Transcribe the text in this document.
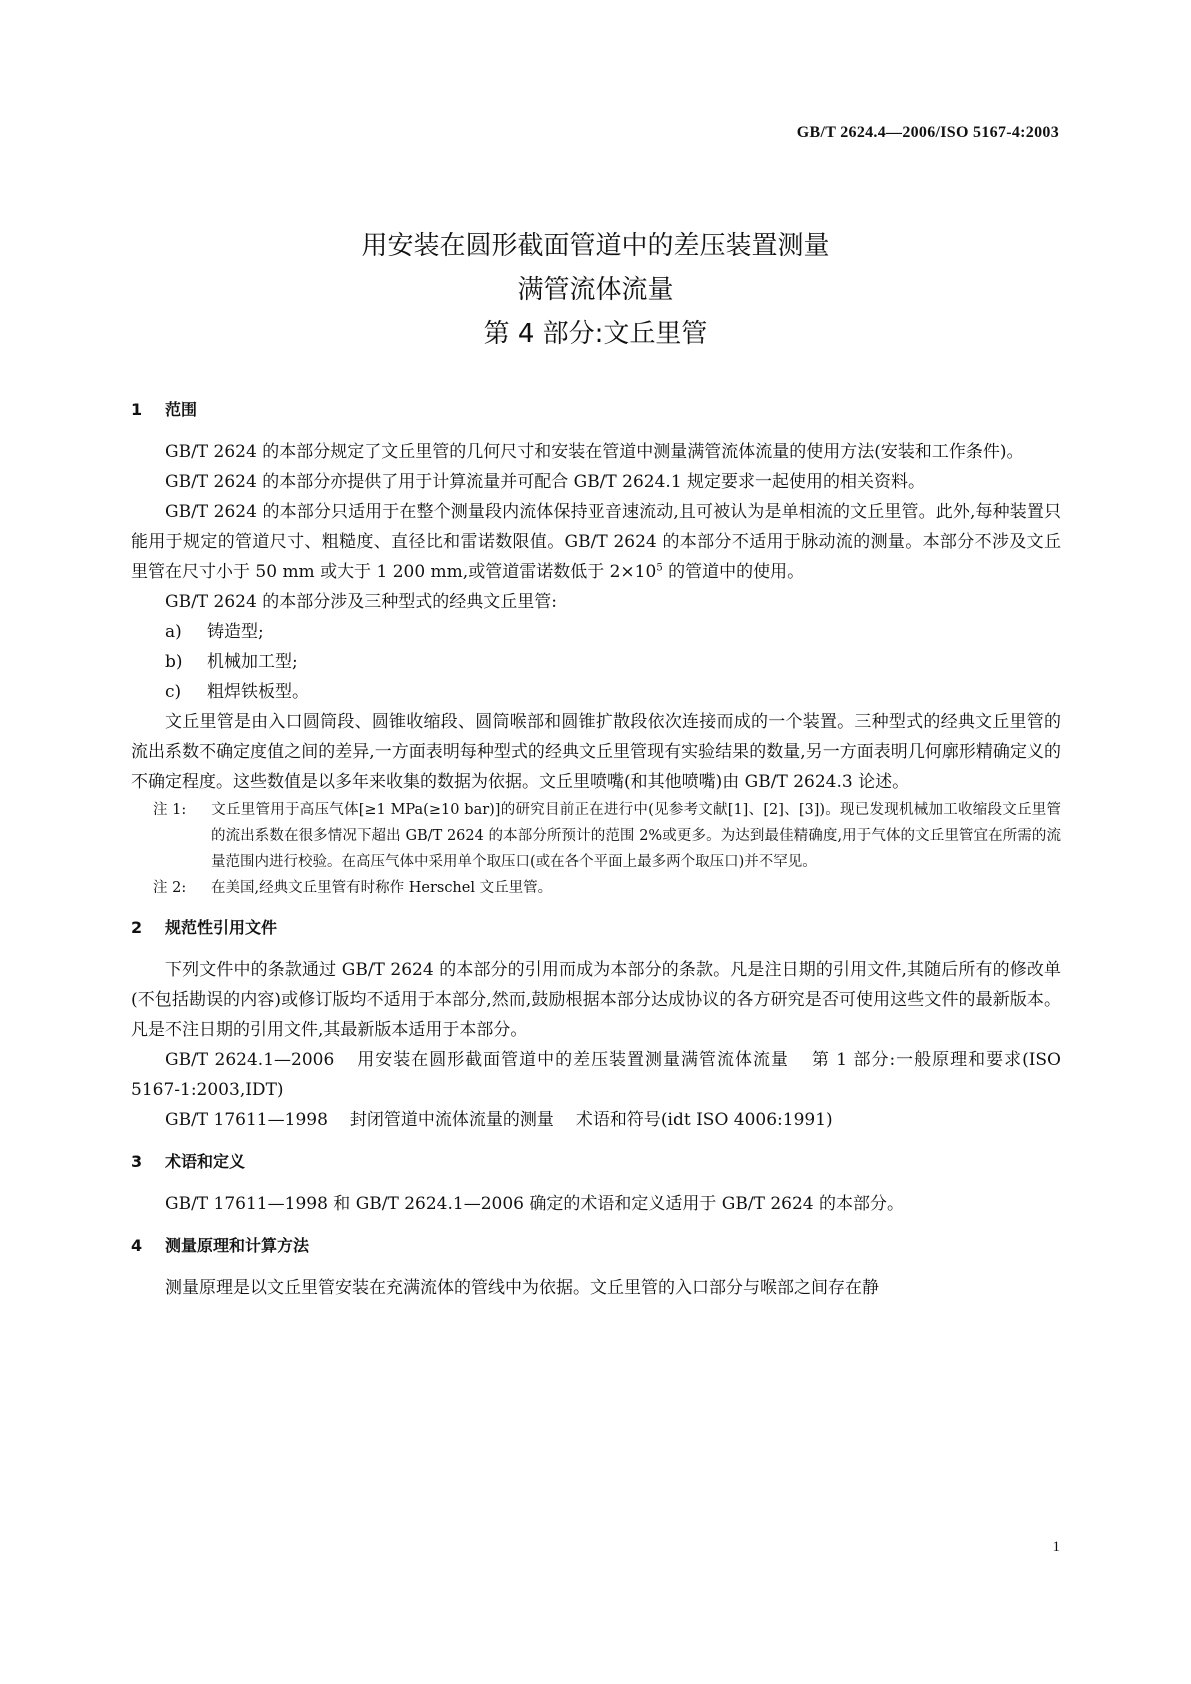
GB/T 2624.4—2006/ISO 5167-4:2003

用安装在圆形截面管道中的差压装置测量

满管流体流量

第 4 部分:文丘里管

1 范围

GB/T 2624 的本部分规定了文丘里管的几何尺寸和安装在管道中测量满管流体流量的使用方法(安装和工作条件)。

GB/T 2624 的本部分亦提供了用于计算流量并可配合 GB/T 2624.1 规定要求一起使用的相关资料。

GB/T 2624 的本部分只适用于在整个测量段内流体保持亚音速流动,且可被认为是单相流的文丘里管。此外,每种装置只能用于规定的管道尺寸、粗糙度、直径比和雷诺数限值。GB/T 2624 的本部分不适用于脉动流的测量。本部分不涉及文丘里管在尺寸小于 50 mm 或大于 1 200 mm,或管道雷诺数低于 $2\times 10^5$ 的管道中的使用。

GB/T 2624 的本部分涉及三种型式的经典文丘里管:

a) 铸造型;

b) 机械加工型;

c) 粗焊铁板型。

文丘里管是由入口圆筒段、圆锥收缩段、圆筒喉部和圆锥扩散段依次连接而成的一个装置。三种型式的经典文丘里管的流出系数不确定度值之间的差异,一方面表明每种型式的经典文丘里管现有实验结果的数量,另一方面表明几何廓形精确定义的不确定程度。这些数值是以多年来收集的数据为依据。文丘里喷嘴(和其他喷嘴)由 GB/T 2624.3 论述。

注 1: 文丘里管用于高压气体[≥1 MPa(≥10 bar)]的研究目前正在进行中(见参考文献[1]、[2]、[3])。现已发现机械加工收缩段文丘里管的流出系数在很多情况下超出 GB/T 2624 的本部分所预计的范围 2%或更多。为达到最佳精确度,用于气体的文丘里管宜在所需的流量范围内进行校验。在高压气体中采用单个取压口(或在各个平面上最多两个取压口)并不罕见。

注 2: 在美国,经典文丘里管有时称作 Herschel 文丘里管。

2 规范性引用文件

下列文件中的条款通过 GB/T 2624 的本部分的引用而成为本部分的条款。凡是注日期的引用文件,其随后所有的修改单(不包括勘误的内容)或修订版均不适用于本部分,然而,鼓励根据本部分达成协议的各方研究是否可使用这些文件的最新版本。凡是不注日期的引用文件,其最新版本适用于本部分。

GB/T 2624.1—2006 用安装在圆形截面管道中的差压装置测量满管流体流量 第 1 部分:一般原理和要求(ISO 5167-1:2003,IDT)

GB/T 17611—1998 封闭管道中流体流量的测量 术语和符号(idt ISO 4006:1991)

3 术语和定义

GB/T 17611—1998 和 GB/T 2624.1—2006 确定的术语和定义适用于 GB/T 2624 的本部分。

4 测量原理和计算方法

测量原理是以文丘里管安装在充满流体的管线中为依据。文丘里管的入口部分与喉部之间存在静

1
